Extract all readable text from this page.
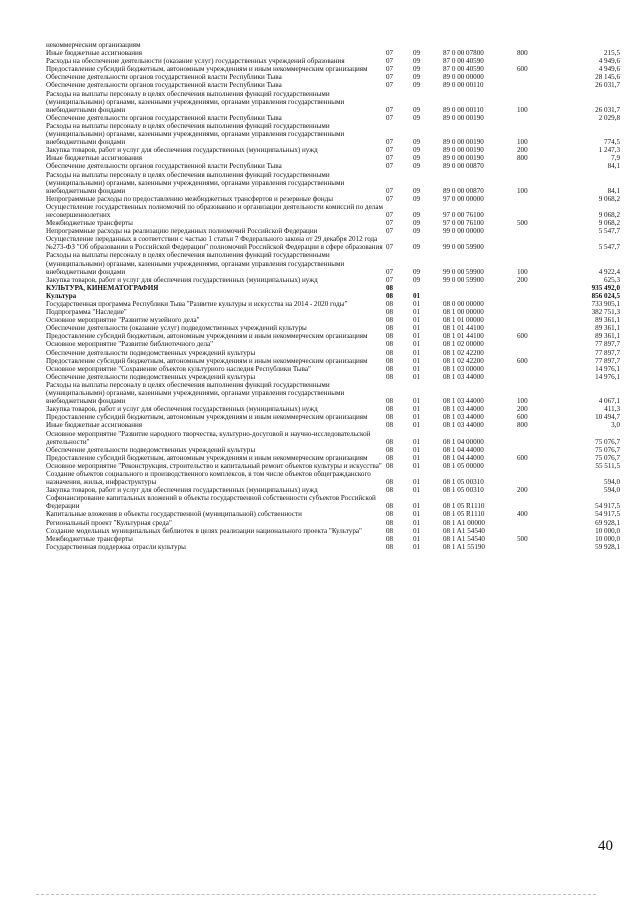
некоммерческим организациям					
Иные бюджетные ассигнования	07	09	87 0 00 07800	800	215,5
Расходы на обеспечение деятельности (оказание услуг) государственных учреждений образования	07	09	87 0 00 40590		4 949,6
Предоставление субсидий бюджетным, автономным учреждениям и иным некоммерческим организациям	07	09	87 0 00 40590	600	4 949,6
Обеспечение деятельности органов государственной власти Республики Тыва	07	09	89 0 00 00000		28 145,6
Обеспечение деятельности органов государственной власти Республики Тыва	07	09	89 0 00 00110		26 031,7
Расходы на выплаты персоналу в целях обеспечения выполнения функций государственными (муниципальными) органами, казенными учреждениями, органами управления государственными внебюджетными фондами	07	09	89 0 00 00110	100	26 031,7
Обеспечение деятельности органов государственной власти Республики Тыва	07	09	89 0 00 00190		2 029,8
Расходы на выплаты персоналу в целях обеспечения выполнения функций государственными (муниципальными) органами, казенными учреждениями, органами управления государственными внебюджетными фондами	07	09	89 0 00 00190	100	774,5
Закупка товаров, работ и услуг для обеспечения государственных (муниципальных) нужд	07	09	89 0 00 00190	200	1 247,3
Иные бюджетные ассигнования	07	09	89 0 00 00190	800	7,9
Обеспечение деятельности органов государственной власти Республики Тыва	07	09	89 0 00 00870		84,1
Расходы на выплаты персоналу в целях обеспечения выполнения функций государственными (муниципальными) органами, казенными учреждениями, органами управления государственными внебюджетными фондами	07	09	89 0 00 00870	100	84,1
Непрограммные расходы по предоставлению межбюджетных трансфертов и резервные фонды	07	09	97 0 00 00000		9 068,2
Осуществление государственных полномочий по образованию и организации деятельности комиссий по делам несовершеннолетних	07	09	97 0 00 76100		9 068,2
Межбюджетные трансферты	07	09	97 0 00 76100	500	9 068,2
Непрограммные расходы на реализацию переданных полномочий Российской Федерации	07	09	99 0 00 00000		5 547,7
Осуществление переданных в соответствии с частью 1 статьи 7 Федерального закона от 29 декабря 2012 года №273-ФЗ "Об образовании в Российской Федерации" полномочий Российской Федерации в сфере образования	07	09	99 0 00 59900		5 547,7
Расходы на выплаты персоналу в целях обеспечения выполнения функций государственными (муниципальными) органами, казенными учреждениями, органами управления государственными внебюджетными фондами	07	09	99 0 00 59900	100	4 922,4
Закупка товаров, работ и услуг для обеспечения государственных (муниципальных) нужд	07	09	99 0 00 59900	200	625,3
КУЛЬТУРА, КИНЕМАТОГРАФИЯ	08				935 492,0
Культура	08	01			856 024,5
Государственная программа Республики Тыва "Развитие культуры и искусства на 2014 - 2020 годы"	08	01	08 0 00 00000		733 905,1
Подпрограмма "Наследие"	08	01	08 1 00 00000		382 751,3
Основное мероприятие "Развитие музейного дела"	08	01	08 1 01 00000		89 361,1
Обеспечение деятельности (оказание услуг) подведомственных учреждений культуры	08	01	08 1 01 44100		89 361,1
Предоставление субсидий бюджетным, автономным учреждениям и иным некоммерческим организациям	08	01	08 1 01 44100	600	89 361,1
Основное мероприятие "Развитие библиотечного дела"	08	01	08 1 02 00000		77 897,7
Обеспечение деятельности подведомственных учреждений культуры	08	01	08 1 02 42200		77 897,7
Предоставление субсидий бюджетным, автономным учреждениям и иным некоммерческим организациям	08	01	08 1 02 42200	600	77 897,7
Основное мероприятие "Сохранение объектов культурного наследия Республики Тыва"	08	01	08 1 03 00000		14 976,1
Обеспечение деятельности подведомственных учреждений культуры	08	01	08 1 03 44000		14 976,1
Расходы на выплаты персоналу в целях обеспечения выполнения функций государственными (муниципальными) органами, казенными учреждениями, органами управления государственными внебюджетными фондами	08	01	08 1 03 44000	100	4 067,1
Закупка товаров, работ и услуг для обеспечения государственных (муниципальных) нужд	08	01	08 1 03 44000	200	411,3
Предоставление субсидий бюджетным, автономным учреждениям и иным некоммерческим организациям	08	01	08 1 03 44000	600	10 494,7
Иные бюджетные ассигнования	08	01	08 1 03 44000	800	3,0
Основное мероприятие "Развитие народного творчества, культурно-досуговой и научно-исследовательской деятельности"	08	01	08 1 04 00000		75 076,7
Обеспечение деятельности подведомственных учреждений культуры	08	01	08 1 04 44000		75 076,7
Предоставление субсидий бюджетным, автономным учреждениям и иным некоммерческим организациям	08	01	08 1 04 44000	600	75 076,7
Основное мероприятие "Реконструкция, строительство и капитальный ремонт объектов культуры и искусства"	08	01	08 1 05 00000		55 511,5
Создание объектов социального и производственного комплексов, в том числе объектов общегражданского назначения, жилья, инфраструктуры	08	01	08 1 05 00310		594,0
Закупка товаров, работ и услуг для обеспечения государственных (муниципальных) нужд	08	01	08 1 05 00310	200	594,0
Софинансирование капитальных вложений в объекты государственной собственности субъектов Российской Федерации	08	01	08 1 05 R1110		54 917,5
Капитальные вложения в объекты государственной (муниципальной) собственности	08	01	08 1 05 R1110	400	54 917,5
Региональный проект "Культурная среда"	08	01	08 1 A1 00000		69 928,1
Создание модельных муниципальных библиотек в целях реализации национального проекта "Культура"	08	01	08 1 A1 54540		10 000,0
Межбюджетные трансферты	08	01	08 1 A1 54540	500	10 000,0
Государственная поддержка отрасли культуры	08	01	08 1 A1 55190		59 928,1
40
